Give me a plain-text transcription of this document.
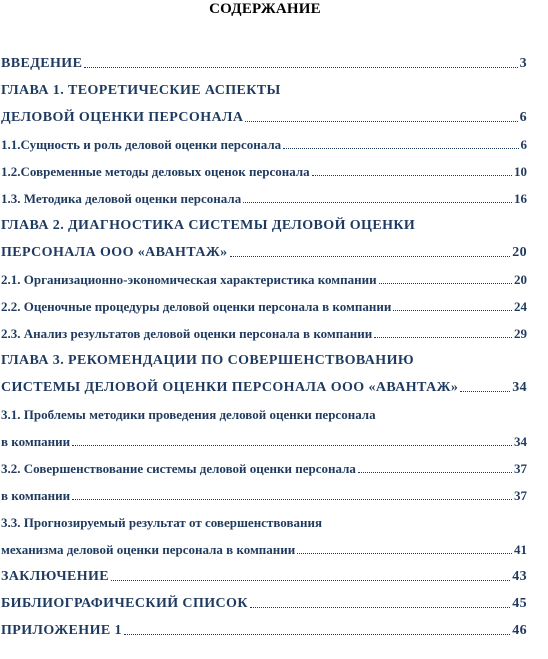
СОДЕРЖАНИЕ
ВВЕДЕНИЕ	3
ГЛАВА 1. ТЕОРЕТИЧЕСКИЕ АСПЕКТЫ
ДЕЛОВОЙ ОЦЕНКИ ПЕРСОНАЛА	6
1.1.Сущность и роль деловой оценки персонала	6
1.2.Современные методы деловых оценок персонала	10
1.3. Методика деловой оценки персонала	16
ГЛАВА 2. ДИАГНОСТИКА СИСТЕМЫ ДЕЛОВОЙ ОЦЕНКИ
ПЕРСОНАЛА ООО «АВАНТАЖ»	20
2.1. Организационно-экономическая характеристика компании	20
2.2. Оценочные процедуры деловой оценки персонала в компании	24
2.3. Анализ результатов деловой оценки персонала в компании	29
ГЛАВА 3. РЕКОМЕНДАЦИИ ПО СОВЕРШЕНСТВОВАНИЮ
СИСТЕМЫ ДЕЛОВОЙ ОЦЕНКИ ПЕРСОНАЛА ООО «АВАНТАЖ»	34
3.1. Проблемы методики проведения деловой оценки персонала
в компании	34
3.2. Совершенствование системы деловой оценки персонала	37
в компании	37
3.3. Прогнозируемый результат от совершенствования
механизма деловой оценки персонала в компании	41
ЗАКЛЮЧЕНИЕ	43
БИБЛИОГРАФИЧЕСКИЙ СПИСОК	45
ПРИЛОЖЕНИЕ 1	46
